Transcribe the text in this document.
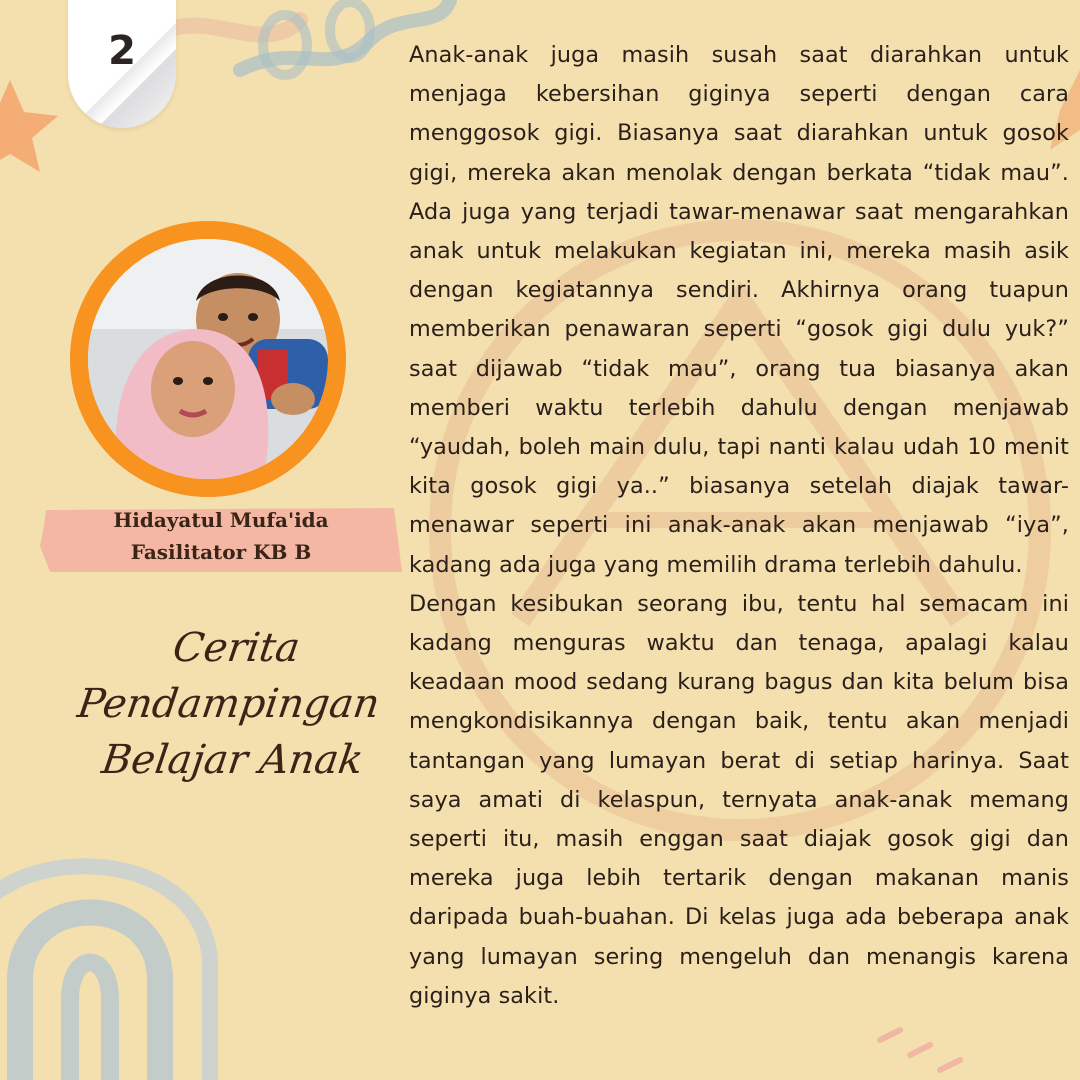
2
Hidayatul Mufa'ida
Fasilitator KB B
Cerita Pendampingan
Belajar Anak

Anak-anak juga masih susah saat diarahkan untuk menjaga kebersihan giginya seperti dengan cara menggosok gigi. Biasanya saat diarahkan untuk gosok gigi, mereka akan menolak dengan berkata “tidak mau”. Ada juga yang terjadi tawar-menawar saat mengarahkan anak untuk melakukan kegiatan ini, mereka masih asik dengan kegiatannya sendiri. Akhirnya orang tuapun memberikan penawaran seperti “gosok gigi dulu yuk?” saat dijawab “tidak mau”, orang tua biasanya akan memberi waktu terlebih dahulu dengan menjawab “yaudah, boleh main dulu, tapi nanti kalau udah 10 menit kita gosok gigi ya..” biasanya setelah diajak tawar-menawar seperti ini anak-anak akan menjawab “iya”, kadang ada juga yang memilih drama terlebih dahulu.

Dengan kesibukan seorang ibu, tentu hal semacam ini kadang menguras waktu dan tenaga, apalagi kalau keadaan mood sedang kurang bagus dan kita belum bisa mengkondisikannya dengan baik, tentu akan menjadi tantangan yang lumayan berat di setiap harinya. Saat saya amati di kelaspun, ternyata anak-anak memang seperti itu, masih enggan saat diajak gosok gigi dan mereka juga lebih tertarik dengan makanan manis daripada buah-buahan. Di kelas juga ada beberapa anak yang lumayan sering mengeluh dan menangis karena giginya sakit.
